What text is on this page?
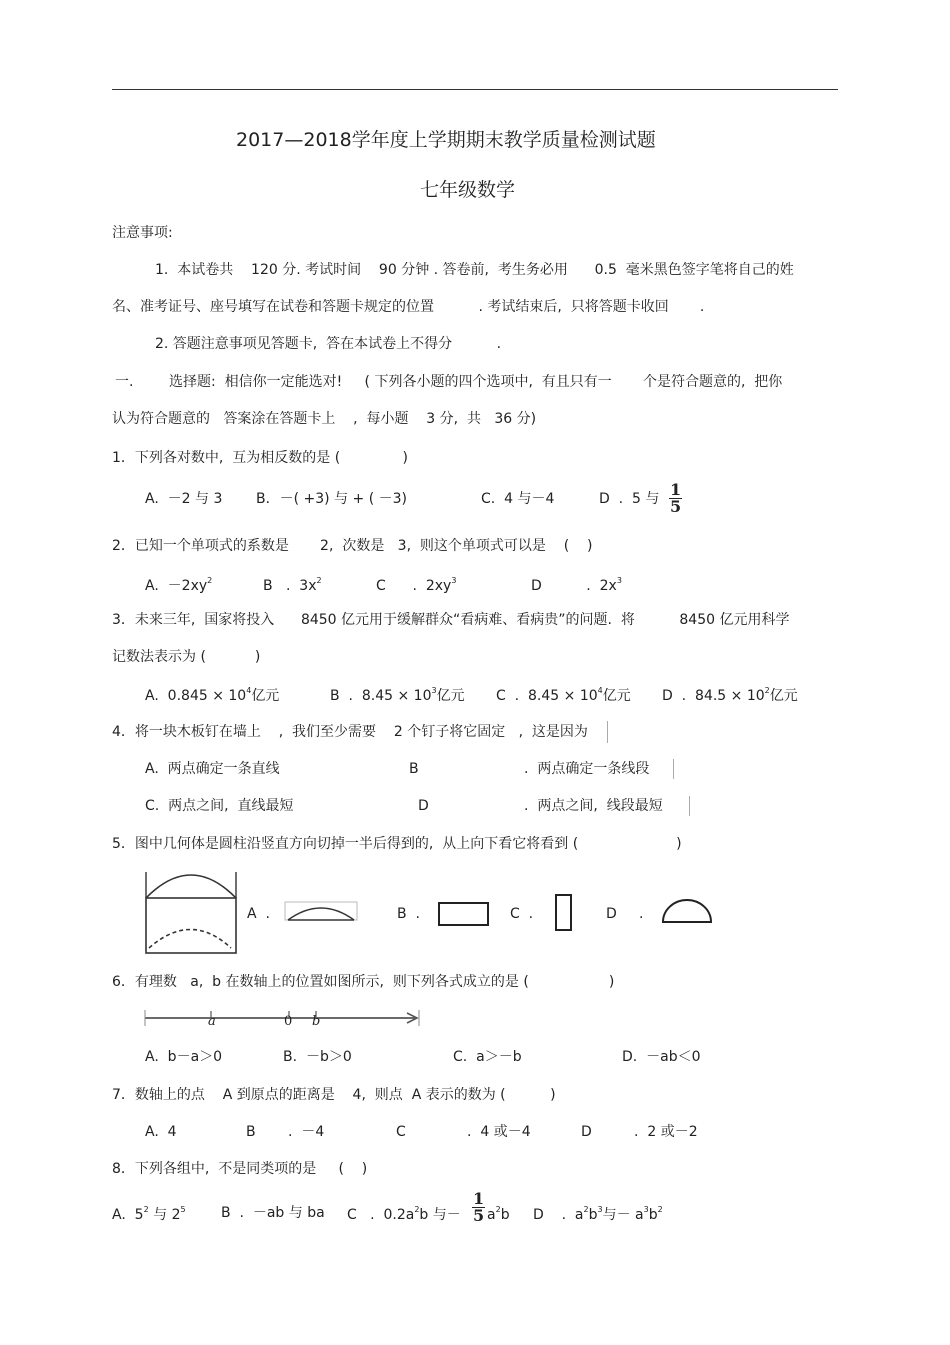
2017—2018学年度上学期期末教学质量检测试题
七年级数学
注意事项:
1.  本试卷共    120 分. 考试时间    90 分钟 . 答卷前,  考生务必用      0.5  毫米黑色签字笔将自己的姓
名、准考证号、座号填写在试卷和答题卡规定的位置          . 考试结束后,  只将答题卡收回       .
2. 答题注意事项见答题卡,  答在本试卷上不得分          .
一.        选择题:  相信你一定能选对!     ( 下列各小题的四个选项中,  有且只有一       个是符合题意的,  把你
认为符合题意的   答案涂在答题卡上    ,  每小题    3 分,  共   36 分)
1．下列各对数中,  互为相反数的是 (              )
A.  －2 与 3 B．－( +3) 与 + ( －3)	C.  4 与－4	D  .  5 与 $\frac{1}{5}$
2．已知一个单项式的系数是       2,  次数是   3,  则这个单项式可以是    (    )
A.  $-2xy^2$	B   .  $3x^2$	C      .  $2xy^3$	D          .  $2x^3$
3．未来三年,  国家将投入      8450 亿元用于缓解群众“看病难、看病贵”的问题.  将          8450 亿元用科学
记数法表示为 (           )
A.  $0.845 \times 10^4$亿元	B  .  $8.45 \times 10^3$亿元 C  .  $8.45 \times 10^4$亿元 D  .  $84.5 \times 10^2$亿元
4．将一块木板钉在墙上    ,  我们至少需要    2 个钉子将它固定   ,  这是因为
A.  两点确定一条直线	B	.  两点确定一条线段
C.  两点之间,  直线最短	D	.  两点之间,  线段最短
5．图中几何体是圆柱沿竖直方向切掉一半后得到的,  从上向下看它将看到 (                      )
A  .	B  .	C  .	D     .
6．有理数   a,  b 在数轴上的位置如图所示,  则下列各式成立的是 (                  )
a	0 b
A.  b－a＞0	B.  －b＞0	C.  a＞－b	D.  －ab＜0
7．数轴上的点    A 到原点的距离是    4,  则点  A 表示的数为 (          )
A.  4	B .  －4	C	.  4 或－4	D	.  2 或－2
8．下列各组中,  不是同类项的是     (    )
A.  $5^2$ 与 $2^5$	B  .  －ab 与 ba C   .  $0.2a^2b$ 与－ $\frac{1}{5} a^2b$ D    .  $a^2b^3$与－ $a^3b^2$
